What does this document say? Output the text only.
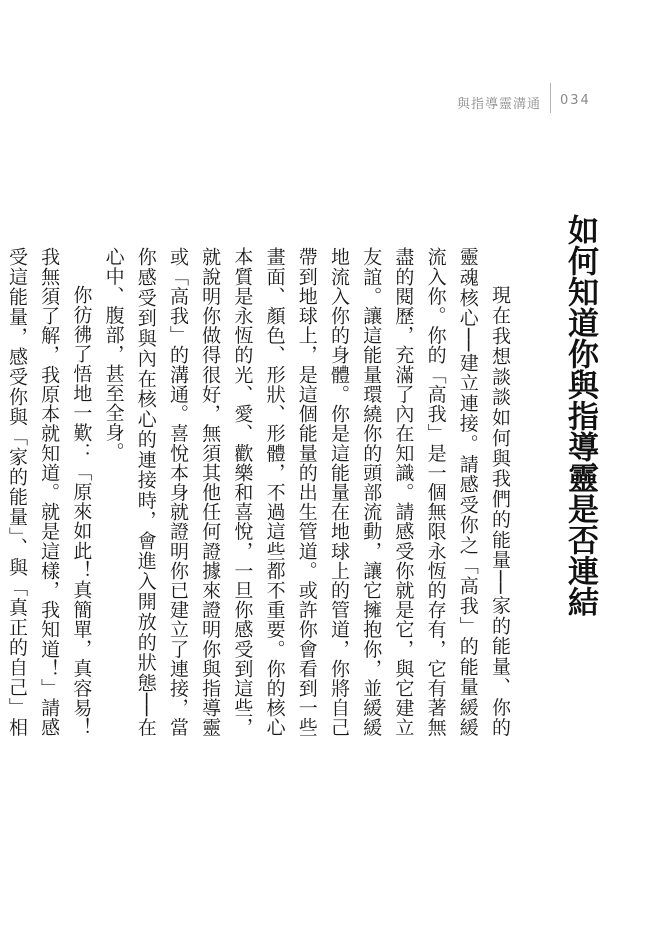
與指導靈溝通 034
如何知道你與指導靈是否連結

現在我想談談如何與我們的能量──家的能量、你的靈魂核心──建立連接。請感受你之「高我」的能量緩緩流入你。你的「高我」是一個無限永恆的存有，它有著無盡的閱歷，充滿了內在知識。請感受你就是它，與它建立友誼。讓這能量環繞你的頭部流動，讓它擁抱你，並緩緩地流入你的身體。你是這能量在地球上的管道，你將自己帶到地球上，是這個能量的出生管道。或許你會看到一些畫面、顏色、形狀、形體，不過這些都不重要。你的核心本質是永恆的光、愛、歡樂和喜悅，一旦你感受到這些，就說明你做得很好，無須其他任何證據來證明你與指導靈或「高我」的溝通。喜悅本身就證明你已建立了連接，當你感受到與內在核心的連接時，會進入開放的狀態──在心中、腹部，甚至全身。

你彷彿了悟地一歎：「原來如此！真簡單，真容易！我無須了解，我原本就知道。就是這樣，我知道！」請感受這能量，感受你與「家的能量」、與「真正的自己」相
